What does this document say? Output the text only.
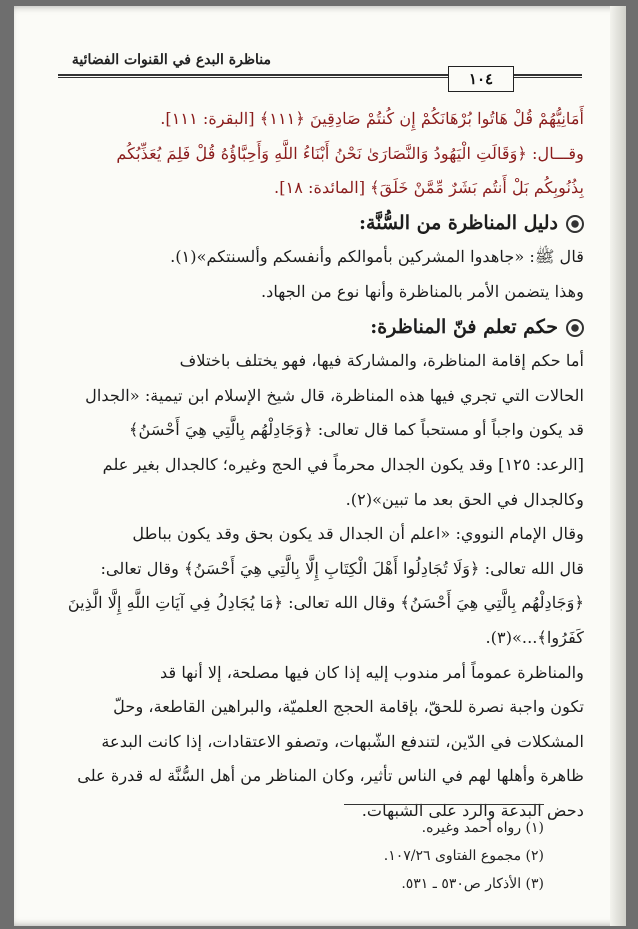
مناظرة البدع في القنوات الفضائية
١٠٤

أَمَانِيُّهُمْ قُلْ هَاتُوا بُرْهَانَكُمْ إِن كُنتُمْ صَادِقِينَ ﴿١١١﴾ [البقرة: ١١١].

وقـــال: ﴿وَقَالَتِ الْيَهُودُ وَالنَّصَارَىٰ نَحْنُ أَبْنَاءُ اللَّهِ وَأَحِبَّاؤُهُ قُلْ فَلِمَ يُعَذِّبُكُم

بِذُنُوبِكُم بَلْ أَنتُم بَشَرٌ مِّمَّنْ خَلَقَ﴾ [المائدة: ١٨].

دليل المناظرة من السُّنَّة:

قال ﷺ: «جاهدوا المشركين بأموالكم وأنفسكم وألسنتكم»(١).

وهذا يتضمن الأمر بالمناظرة وأنها نوع من الجهاد.

حكم تعلم فنّ المناظرة:

أما حكم إقامة المناظرة، والمشاركة فيها، فهو يختلف باختلاف

الحالات التي تجري فيها هذه المناظرة، قال شيخ الإسلام ابن تيمية: «الجدال

قد يكون واجباً أو مستحباً كما قال تعالى: ﴿وَجَادِلْهُم بِالَّتِي هِيَ أَحْسَنُ﴾

[الرعد: ١٢٥] وقد يكون الجدال محرماً في الحج وغيره؛ كالجدال بغير علم

وكالجدال في الحق بعد ما تبين»(٢).

وقال الإمام النووي: «اعلم أن الجدال قد يكون بحق وقد يكون بباطل

قال الله تعالى: ﴿وَلَا تُجَادِلُوا أَهْلَ الْكِتَابِ إِلَّا بِالَّتِي هِيَ أَحْسَنُ﴾ وقال تعالى:

﴿وَجَادِلْهُم بِالَّتِي هِيَ أَحْسَنُ﴾ وقال الله تعالى: ﴿مَا يُجَادِلُ فِي آيَاتِ اللَّهِ إِلَّا الَّذِينَ

كَفَرُوا﴾...»(٣).

والمناظرة عموماً أمر مندوب إليه إذا كان فيها مصلحة، إلا أنها قد

تكون واجبة نصرة للحقّ، بإقامة الحجج العلميّة، والبراهين القاطعة، وحلّ

المشكلات في الدّين، لتندفع الشّبهات، وتصفو الاعتقادات، إذا كانت البدعة

ظاهرة وأهلها لهم في الناس تأثير، وكان المناظر من أهل السُّنَّة له قدرة على

دحض البدعة والرد على الشبهات.

(١) رواه أحمد وغيره.
(٢) مجموع الفتاوى ١٠٧/٢٦.
(٣) الأذكار ص٥٣٠ ـ ٥٣١.
